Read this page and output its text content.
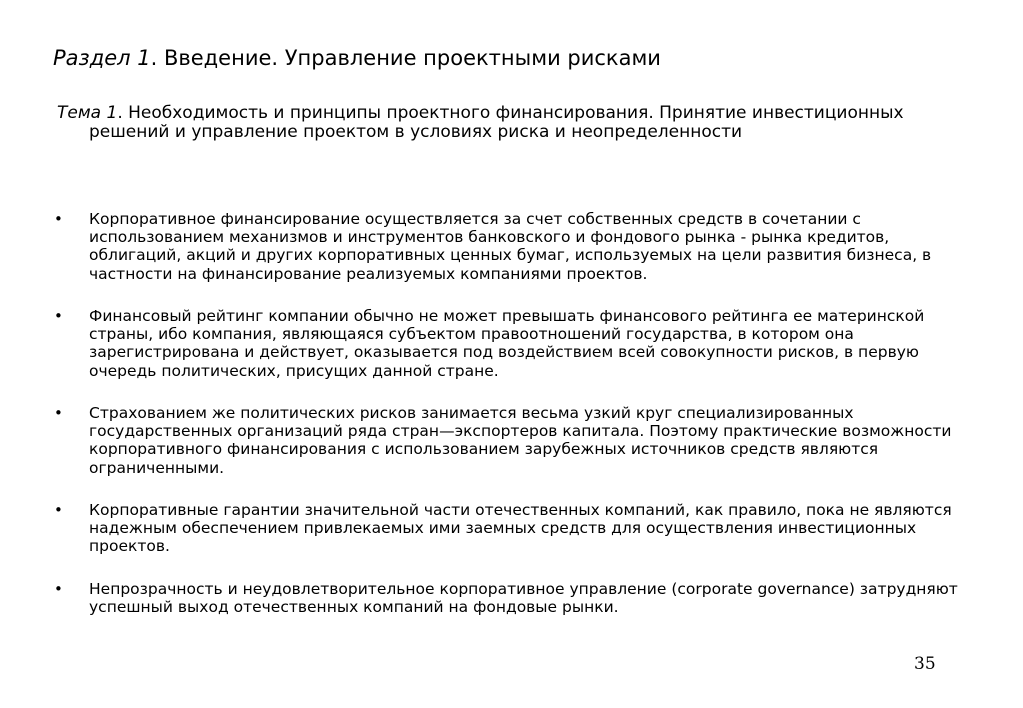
Раздел 1. Введение. Управление проектными рисками
Тема 1. Необходимость и принципы проектного финансирования. Принятие инвестиционных решений и управление проектом в условиях риска и неопределенности
• Корпоративное финансирование осуществляется за счет собственных средств в сочетании с использованием механизмов и инструментов банковского и фондового рынка - рынка кредитов, облигаций, акций и других корпоративных ценных бумаг, используемых на цели развития бизнеса, в частности на финансирование реализуемых компаниями проектов.
• Финансовый рейтинг компании обычно не может превышать финансового рейтинга ее материнской страны, ибо компания, являющаяся субъектом правоотношений государства, в котором она зарегистрирована и действует, оказывается под воздействием всей совокупности рисков, в первую очередь политических, присущих данной стране.
• Страхованием же политических рисков занимается весьма узкий круг специализированных государственных организаций ряда стран—экспортеров капитала. Поэтому практические возможности корпоративного финансирования с использованием зарубежных источников средств являются ограниченными.
• Корпоративные гарантии значительной части отечественных компаний, как правило, пока не являются надежным обеспечением привлекаемых ими заемных средств для осуществления инвестиционных проектов.
• Непрозрачность и неудовлетворительное корпоративное управление (corporate governance) затрудняют успешный выход отечественных компаний на фондовые рынки.
35
